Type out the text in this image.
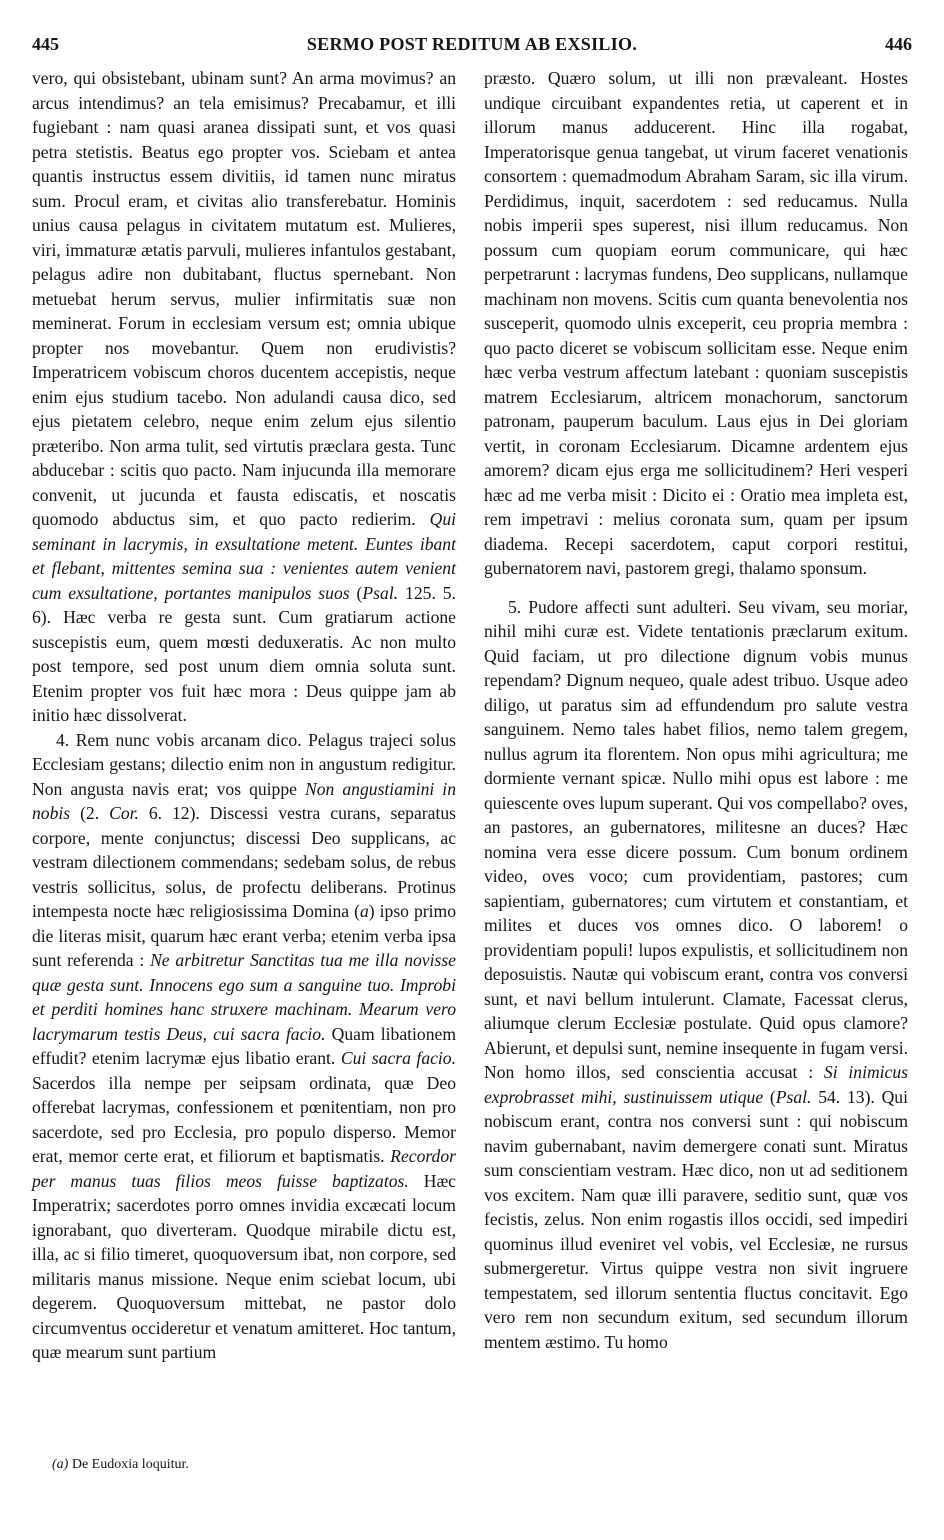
445	SERMO POST REDITUM AB EXSILIO.	446

vero, qui obsistebant, ubinam sunt? An arma movimus? an arcus intendimus? an tela emisimus? Precabamur, et illi fugiebant : nam quasi aranea dissipati sunt, et vos quasi petra stetistis. Beatus ego propter vos. Sciebam et antea quantis instructus essem divitiis, id tamen nunc miratus sum. Procul eram, et civitas alio transferebatur. Hominis unius causa pelagus in civitatem mutatum est. Mulieres, viri, immaturæ ætatis parvuli, mulieres infantulos gestabant, pelagus adire non dubitabant, fluctus spernebant. Non metuebat herum servus, mulier infirmitatis suæ non meminerat. Forum in ecclesiam versum est; omnia ubique propter nos movebantur. Quem non erudivistis? Imperatricem vobiscum choros ducentem accepistis, neque enim ejus studium tacebo. Non adulandi causa dico, sed ejus pietatem celebro, neque enim zelum ejus silentio præteribo. Non arma tulit, sed virtutis præclara gesta. Tunc abducebar : scitis quo pacto. Nam injucunda illa memorare convenit, ut jucunda et fausta ediscatis, et noscatis quomodo abductus sim, et quo pacto redierim. Qui seminant in lacrymis, in exsultatione metent. Euntes ibant et flebant, mittentes semina sua : venientes autem venient cum exsultatione, portantes manipulos suos (Psal. 125. 5. 6). Hæc verba re gesta sunt. Cum gratiarum actione suscepistis eum, quem mœsti deduxeratis. Ac non multo post tempore, sed post unum diem omnia soluta sunt. Etenim propter vos fuit hæc mora : Deus quippe jam ab initio hæc dissolverat.

4. Rem nunc vobis arcanam dico. Pelagus trajeci solus Ecclesiam gestans; dilectio enim non in angustum redigitur. Non angusta navis erat; vos quippe Non angustiamini in nobis (2. Cor. 6. 12). Discessi vestra curans, separatus corpore, mente conjunctus; discessi Deo supplicans, ac vestram dilectionem commendans; sedebam solus, de rebus vestris sollicitus, solus, de profectu deliberans. Protinus intempesta nocte hæc religiosissima Domina (a) ipso primo die literas misit, quarum hæc erant verba; etenim verba ipsa sunt referenda : Ne arbitretur Sanctitas tua me illa novisse quæ gesta sunt. Innocens ego sum a sanguine tuo. Improbi et perditi homines hanc struxere machinam. Mearum vero lacrymarum testis Deus, cui sacra facio. Quam libationem effudit? etenim lacrymæ ejus libatio erant. Cui sacra facio. Sacerdos illa nempe per seipsam ordinata, quæ Deo offerebat lacrymas, confessionem et pœnitentiam, non pro sacerdote, sed pro Ecclesia, pro populo disperso. Memor erat, memor certe erat, et filiorum et baptismatis. Recordor per manus tuas filios meos fuisse baptizatos. Hæc Imperatrix; sacerdotes porro omnes invidia excæcati locum ignorabant, quo diverteram. Quodque mirabile dictu est, illa, ac si filio timeret, quoquoversum ibat, non corpore, sed militaris manus missione. Neque enim sciebat locum, ubi degerem. Quoquoversum mittebat, ne pastor dolo circumventus occideretur et venatum amitteret. Hoc tantum, quæ mearum sunt partium

præsto. Quæro solum, ut illi non prævaleant. Hostes undique circuibant expandentes retia, ut caperent et in illorum manus adducerent. Hinc illa rogabat, Imperatorisque genua tangebat, ut virum faceret venationis consortem : quemadmodum Abraham Saram, sic illa virum. Perdidimus, inquit, sacerdotem : sed reducamus. Nulla nobis imperii spes superest, nisi illum reducamus. Non possum cum quopiam eorum communicare, qui hæc perpetrarunt : lacrymas fundens, Deo supplicans, nullamque machinam non movens. Scitis cum quanta benevolentia nos susceperit, quomodo ulnis exceperit, ceu propria membra : quo pacto diceret se vobiscum sollicitam esse. Neque enim hæc verba vestrum affectum latebant : quoniam suscepistis matrem Ecclesiarum, altricem monachorum, sanctorum patronam, pauperum baculum. Laus ejus in Dei gloriam vertit, in coronam Ecclesiarum. Dicamne ardentem ejus amorem? dicam ejus erga me sollicitudinem? Heri vesperi hæc ad me verba misit : Dicito ei : Oratio mea impleta est, rem impetravi : melius coronata sum, quam per ipsum diadema. Recepi sacerdotem, caput corpori restitui, gubernatorem navi, pastorem gregi, thalamo sponsum.

5. Pudore affecti sunt adulteri. Seu vivam, seu moriar, nihil mihi curæ est. Videte tentationis præclarum exitum. Quid faciam, ut pro dilectione dignum vobis munus rependam? Dignum nequeo, quale adest tribuo. Usque adeo diligo, ut paratus sim ad effundendum pro salute vestra sanguinem. Nemo tales habet filios, nemo talem gregem, nullus agrum ita florentem. Non opus mihi agricultura; me dormiente vernant spicæ. Nullo mihi opus est labore : me quiescente oves lupum superant. Qui vos compellabo? oves, an pastores, an gubernatores, militesne an duces? Hæc nomina vera esse dicere possum. Cum bonum ordinem video, oves voco; cum providentiam, pastores; cum sapientiam, gubernatores; cum virtutem et constantiam, et milites et duces vos omnes dico. O laborem! o providentiam populi! lupos expulistis, et sollicitudinem non deposuistis. Nautæ qui vobiscum erant, contra vos conversi sunt, et navi bellum intulerunt. Clamate, Facessat clerus, aliumque clerum Ecclesiæ postulate. Quid opus clamore? Abierunt, et depulsi sunt, nemine insequente in fugam versi. Non homo illos, sed conscientia accusat : Si inimicus exprobrasset mihi, sustinuissem utique (Psal. 54. 13). Qui nobiscum erant, contra nos conversi sunt : qui nobiscum navim gubernabant, navim demergere conati sunt. Miratus sum conscientiam vestram. Hæc dico, non ut ad seditionem vos excitem. Nam quæ illi paravere, seditio sunt, quæ vos fecistis, zelus. Non enim rogastis illos occidi, sed impediri quominus illud eveniret vel vobis, vel Ecclesiæ, ne rursus submergeretur. Virtus quippe vestra non sivit ingruere tempestatem, sed illorum sententia fluctus concitavit. Ego vero rem non secundum exitum, sed secundum illorum mentem æstimo. Tu homo

(a) De Eudoxia loquitur.
